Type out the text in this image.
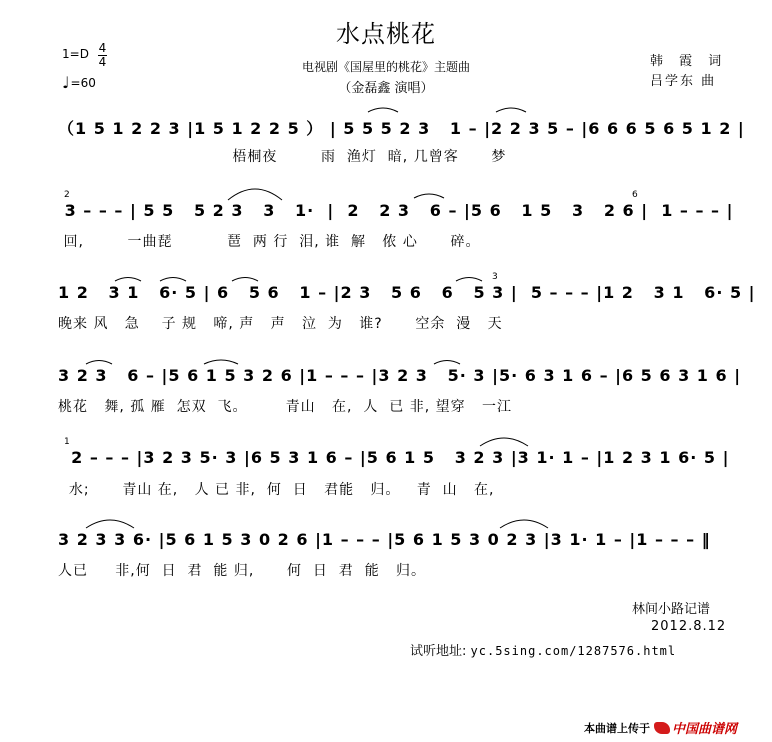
水点桃花
电视剧《国屋里的桃花》主题曲
（金磊鑫 演唱）
1=D 4
4
♩ =60
韩 霞 词
吕学东 曲
（1 5 1 2 2 3 |1 5 1 2 2 5 ） | 5 5 5 2 3   1 – |2 2 3 5 – |6 6 6 5 6 5 1 2 |
梧桐夜        雨  渔灯  暗, 几曾客      梦
3 – – – | 5 5   5 2 3   3   1·  |  2   2 3   6 – |5 6   1 5   3   2 6 |  1 – – – |
回,        一曲琵          琶  两 行  泪, 谁  解   侬 心      碎。
1 2   3 1   6· 5 | 6   5 6   1 – |2 3   5 6   6   5 3 |  5 – – – |1 2   3 1   6· 5 |
晚来 风   急    子 规   啼, 声   声   泣  为   谁?      空余  漫   天
3 2 3   6 – |5 6 1 5 3 2 6 |1 – – – |3 2 3   5· 3 |5· 6 3 1 6 – |6 5 6 3 1 6 |
桃花   舞, 孤 雁  怎双  飞。       青山   在,  人  已 非, 望穿   一江
2 – – – |3 2 3 5· 3 |6 5 3 1 6 – |5 6 1 5   3 2 3 |3 1· 1 – |1 2 3 1 6· 5 |
水;      青山 在,   人 已 非,  何  日   君能   归。   青  山   在,
3 2 3 3 6· |5 6 1 5 3 0 2 6 |1 – – – |5 6 1 5 3 0 2 3 |3 1· 1 – |1 – – – ‖
人已     非,何  日  君  能 归,      何  日  君  能   归。
2	6
3
1
林间小路记谱
2012.8.12
试听地址: yc.5sing.com/1287576.html
本曲谱上传于 中国曲谱网
